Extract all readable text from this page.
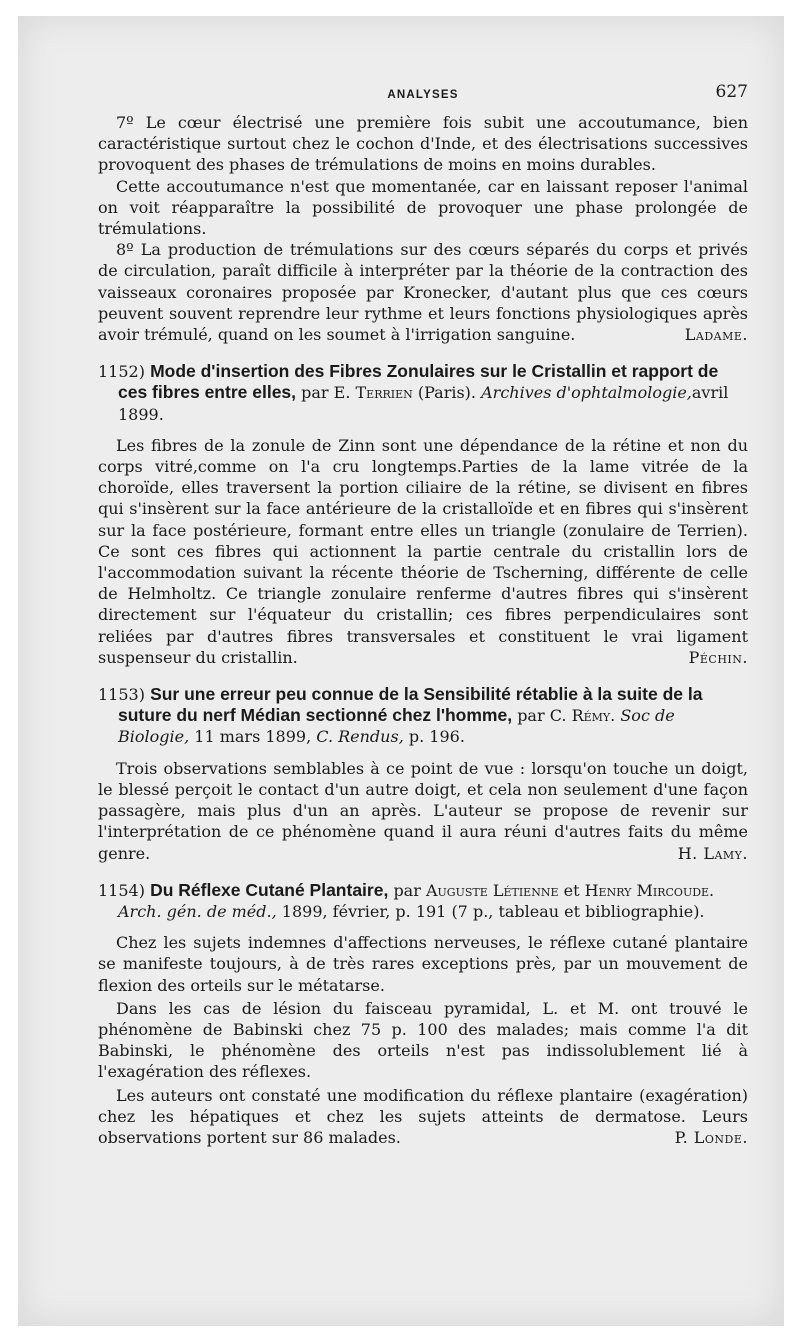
ANALYSES	627

7º Le cœur électrisé une première fois subit une accoutumance, bien caractéristique surtout chez le cochon d'Inde, et des électrisations successives provoquent des phases de trémulations de moins en moins durables.

Cette accoutumance n'est que momentanée, car en laissant reposer l'animal on voit réapparaître la possibilité de provoquer une phase prolongée de trémulations.

8º La production de trémulations sur des cœurs séparés du corps et privés de circulation, paraît difficile à interpréter par la théorie de la contraction des vaisseaux coronaires proposée par Kronecker, d'autant plus que ces cœurs peuvent souvent reprendre leur rythme et leurs fonctions physiologiques après avoir trémulé, quand on les soumet à l'irrigation sanguine.	Ladame.

1152) Mode d'insertion des Fibres Zonulaires sur le Cristallin et rapport de ces fibres entre elles, par E. Terrien (Paris). Archives d'ophtalmologie,avril 1899.

Les fibres de la zonule de Zinn sont une dépendance de la rétine et non du corps vitré,comme on l'a cru longtemps.Parties de la lame vitrée de la choroïde, elles traversent la portion ciliaire de la rétine, se divisent en fibres qui s'insèrent sur la face antérieure de la cristalloïde et en fibres qui s'insèrent sur la face postérieure, formant entre elles un triangle (zonulaire de Terrien). Ce sont ces fibres qui actionnent la partie centrale du cristallin lors de l'accommodation suivant la récente théorie de Tscherning, différente de celle de Helmholtz. Ce triangle zonulaire renferme d'autres fibres qui s'insèrent directement sur l'équateur du cristallin; ces fibres perpendiculaires sont reliées par d'autres fibres transversales et constituent le vrai ligament suspenseur du cristallin.	Péchin.

1153) Sur une erreur peu connue de la Sensibilité rétablie à la suite de la suture du nerf Médian sectionné chez l'homme, par C. Rémy. Soc de Biologie, 11 mars 1899, C. Rendus, p. 196.

Trois observations semblables à ce point de vue : lorsqu'on touche un doigt, le blessé perçoit le contact d'un autre doigt, et cela non seulement d'une façon passagère, mais plus d'un an après. L'auteur se propose de revenir sur l'interprétation de ce phénomène quand il aura réuni d'autres faits du même genre.	H. Lamy.

1154) Du Réflexe Cutané Plantaire, par Auguste Létienne et Henry Mircoude. Arch. gén. de méd., 1899, février, p. 191 (7 p., tableau et bibliographie).

Chez les sujets indemnes d'affections nerveuses, le réflexe cutané plantaire se manifeste toujours, à de très rares exceptions près, par un mouvement de flexion des orteils sur le métatarse.

Dans les cas de lésion du faisceau pyramidal, L. et M. ont trouvé le phénomène de Babinski chez 75 p. 100 des malades; mais comme l'a dit Babinski, le phénomène des orteils n'est pas indissolublement lié à l'exagération des réflexes.

Les auteurs ont constaté une modification du réflexe plantaire (exagération) chez les hépatiques et chez les sujets atteints de dermatose. Leurs observations portent sur 86 malades.	P. Londe.
